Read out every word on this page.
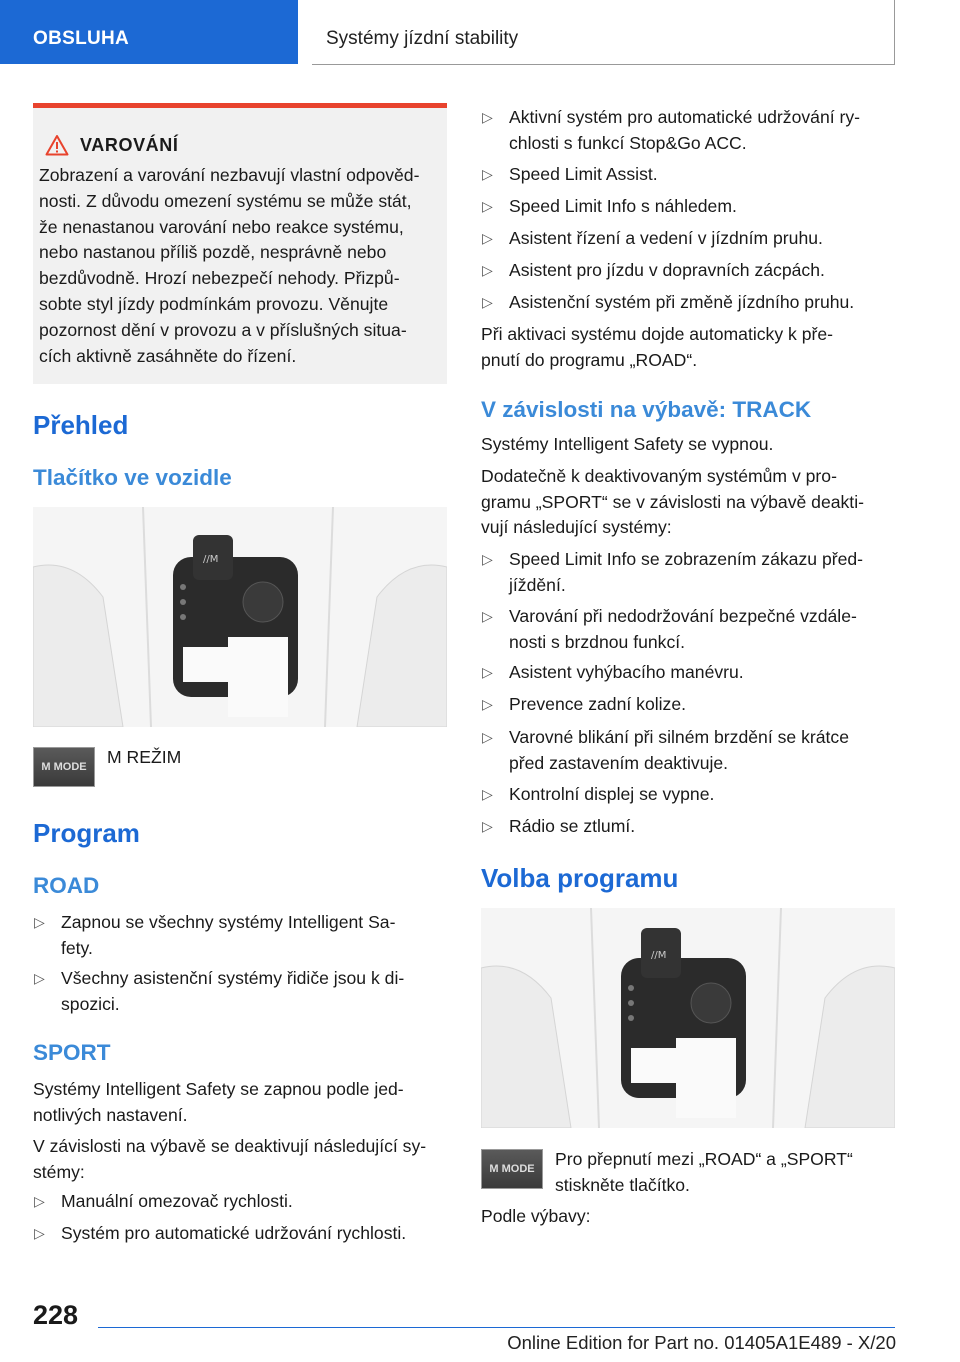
OBSLUHA	Systémy jízdní stability
VAROVÁNÍ
Zobrazení a varování nezbavují vlastní odpověd-
nosti. Z důvodu omezení systému se může stát,
že nenastanou varování nebo reakce systému,
nebo nastanou příliš pozdě, nesprávně nebo
bezdůvodně. Hrozí nebezpečí nehody. Přizpů-
sobte styl jízdy podmínkám provozu. Věnujte
pozornost dění v provozu a v příslušných situa-
cích aktivně zasáhněte do řízení.
Přehled
Tlačítko ve vozidle
//M
M MODE	M REŽIM
Program
ROAD
▷ Zapnou se všechny systémy Intelligent Sa-
fety.
▷ Všechny asistenční systémy řidiče jsou k di-
spozici.
SPORT
Systémy Intelligent Safety se zapnou podle jed-
notlivých nastavení.
V závislosti na výbavě se deaktivují následující sy-
stémy:
▷ Manuální omezovač rychlosti.
▷ Systém pro automatické udržování rychlosti.
▷ Aktivní systém pro automatické udržování ry-
chlosti s funkcí Stop&Go ACC.
▷ Speed Limit Assist.
▷ Speed Limit Info s náhledem.
▷ Asistent řízení a vedení v jízdním pruhu.
▷ Asistent pro jízdu v dopravních zácpách.
▷ Asistenční systém při změně jízdního pruhu.
Při aktivaci systému dojde automaticky k pře-
pnutí do programu „ROAD“.
V závislosti na výbavě: TRACK
Systémy Intelligent Safety se vypnou.
Dodatečně k deaktivovaným systémům v pro-
gramu „SPORT“ se v závislosti na výbavě deakti-
vují následující systémy:
▷ Speed Limit Info se zobrazením zákazu před-
jíždění.
▷ Varování při nedodržování bezpečné vzdále-
nosti s brzdnou funkcí.
▷ Asistent vyhýbacího manévru.
▷ Prevence zadní kolize.
▷ Varovné blikání při silném brzdění se krátce
před zastavením deaktivuje.
▷ Kontrolní displej se vypne.
▷ Rádio se ztlumí.
Volba programu
//M
M MODE	Pro přepnutí mezi „ROAD“ a „SPORT“
stiskněte tlačítko.
Podle výbavy:
228
Online Edition for Part no. 01405A1E489 - X/20
